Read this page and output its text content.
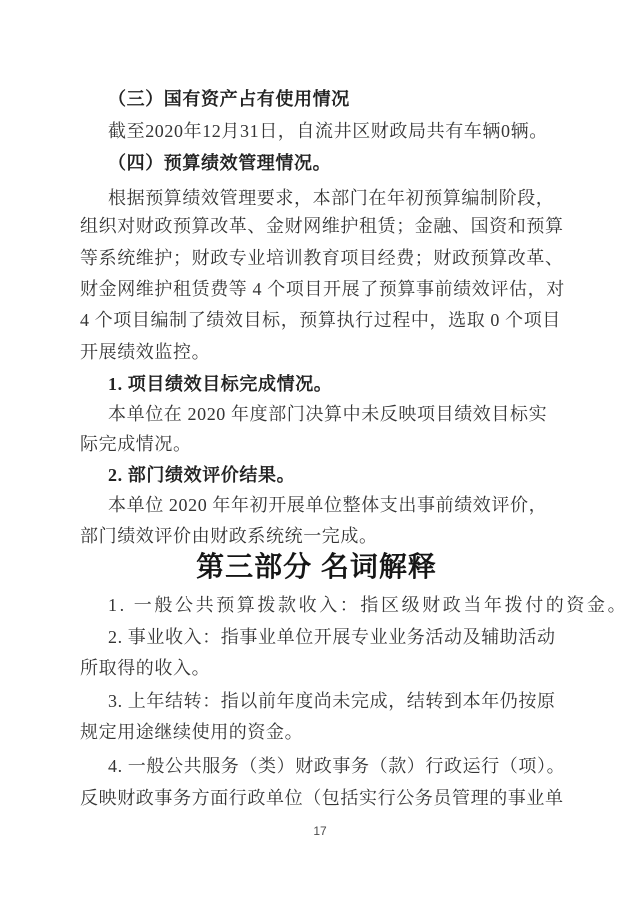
（三）国有资产占有使用情况
截至2020年12月31日，自流井区财政局共有车辆0辆。
（四）预算绩效管理情况。
根据预算绩效管理要求，本部门在年初预算编制阶段，
组织对财政预算改革、金财网维护租赁；金融、国资和预算
等系统维护；财政专业培训教育项目经费；财政预算改革、
财金网维护租赁费等 4 个项目开展了预算事前绩效评估，对
4 个项目编制了绩效目标，预算执行过程中，选取 0 个项目
开展绩效监控。
1. 项目绩效目标完成情况。
本单位在 2020 年度部门决算中未反映项目绩效目标实
际完成情况。
2. 部门绩效评价结果。
本单位 2020 年年初开展单位整体支出事前绩效评价，
部门绩效评价由财政系统统一完成。
第三部分 名词解释
1. 一般公共预算拨款收入：指区级财政当年拨付的资金。
2. 事业收入：指事业单位开展专业业务活动及辅助活动
所取得的收入。
3. 上年结转：指以前年度尚未完成，结转到本年仍按原
规定用途继续使用的资金。
4. 一般公共服务（类）财政事务（款）行政运行（项）。
反映财政事务方面行政单位（包括实行公务员管理的事业单
17
